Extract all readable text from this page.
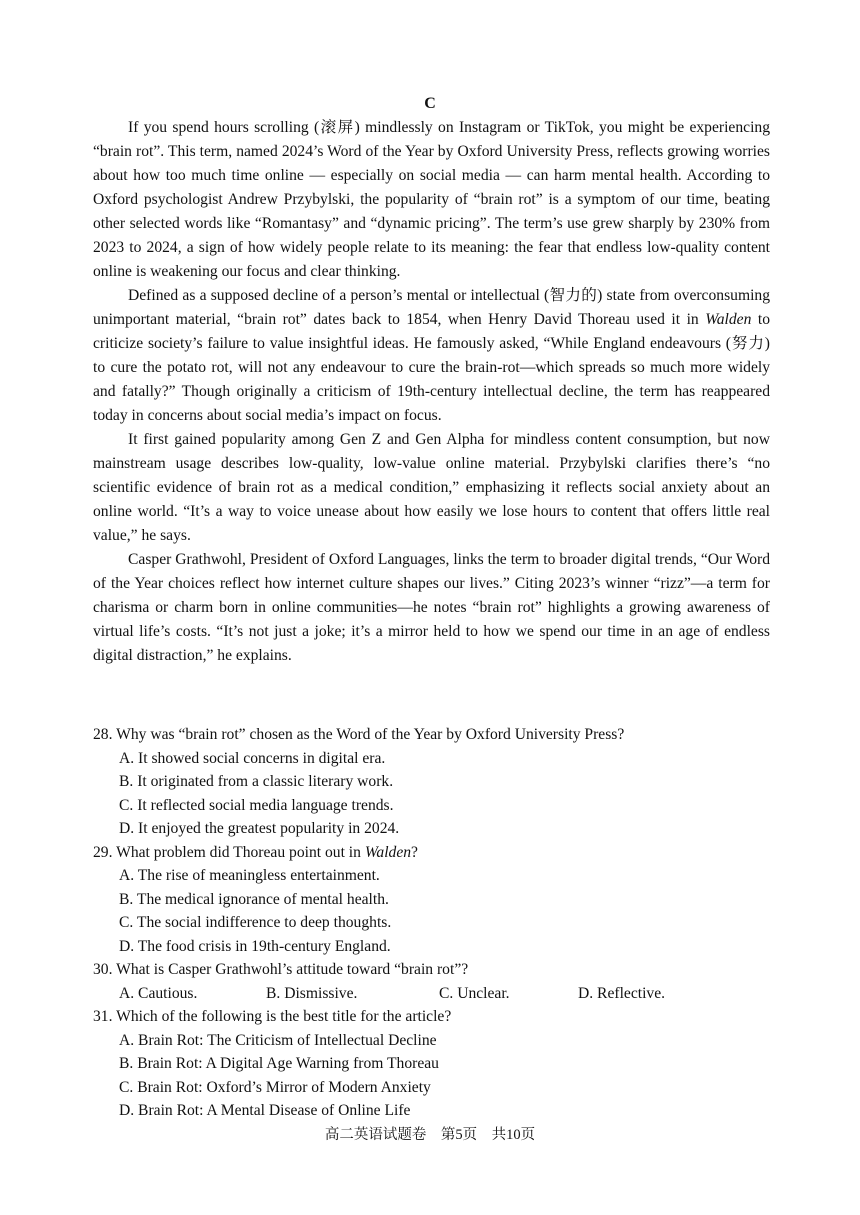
C

If you spend hours scrolling (滚屏) mindlessly on Instagram or TikTok, you might be experiencing “brain rot”. This term, named 2024’s Word of the Year by Oxford University Press, reflects growing worries about how too much time online — especially on social media — can harm mental health. According to Oxford psychologist Andrew Przybylski, the popularity of “brain rot” is a symptom of our time, beating other selected words like “Romantasy” and “dynamic pricing”. The term’s use grew sharply by 230% from 2023 to 2024, a sign of how widely people relate to its meaning: the fear that endless low-quality content online is weakening our focus and clear thinking.

Defined as a supposed decline of a person’s mental or intellectual (智力的) state from overconsuming unimportant material, “brain rot” dates back to 1854, when Henry David Thoreau used it in Walden to criticize society’s failure to value insightful ideas. He famously asked, “While England endeavours (努力) to cure the potato rot, will not any endeavour to cure the brain-rot—which spreads so much more widely and fatally?” Though originally a criticism of 19th-century intellectual decline, the term has reappeared today in concerns about social media’s impact on focus.

It first gained popularity among Gen Z and Gen Alpha for mindless content consumption, but now mainstream usage describes low-quality, low-value online material. Przybylski clarifies there’s “no scientific evidence of brain rot as a medical condition,” emphasizing it reflects social anxiety about an online world. “It’s a way to voice unease about how easily we lose hours to content that offers little real value,” he says.

Casper Grathwohl, President of Oxford Languages, links the term to broader digital trends, “Our Word of the Year choices reflect how internet culture shapes our lives.” Citing 2023’s winner “rizz”—a term for charisma or charm born in online communities—he notes “brain rot” highlights a growing awareness of virtual life’s costs. “It’s not just a joke; it’s a mirror held to how we spend our time in an age of endless digital distraction,” he explains.

28. Why was “brain rot” chosen as the Word of the Year by Oxford University Press?

A. It showed social concerns in digital era.

B. It originated from a classic literary work.

C. It reflected social media language trends.

D. It enjoyed the greatest popularity in 2024.

29. What problem did Thoreau point out in Walden?

A. The rise of meaningless entertainment.

B. The medical ignorance of mental health.

C. The social indifference to deep thoughts.

D. The food crisis in 19th-century England.

30. What is Casper Grathwohl’s attitude toward “brain rot”?

A. Cautious.	B. Dismissive.	C. Unclear.	D. Reflective.

31. Which of the following is the best title for the article?

A. Brain Rot: The Criticism of Intellectual Decline

B. Brain Rot: A Digital Age Warning from Thoreau

C. Brain Rot: Oxford’s Mirror of Modern Anxiety

D. Brain Rot: A Mental Disease of Online Life

高二英语试题卷　第5页　共10页
